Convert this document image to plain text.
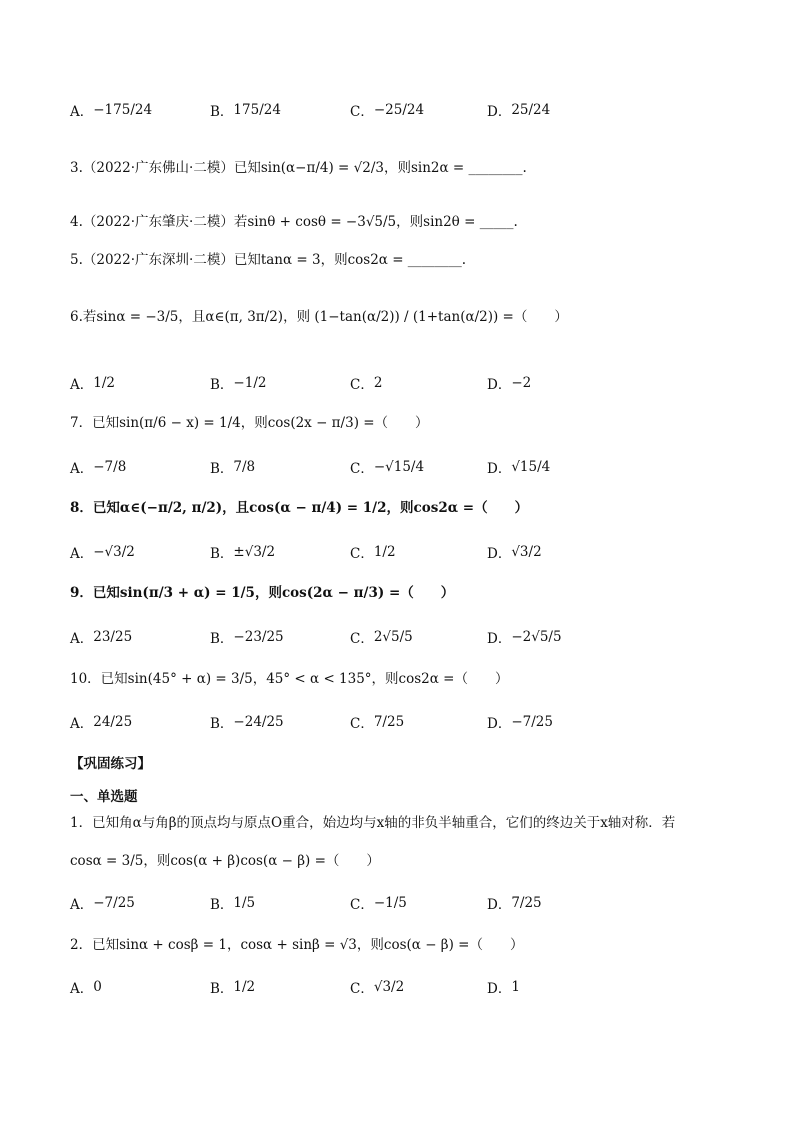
A． −175/24	B． 175/24	C． −25/24	D． 25/24
3.（2022·广东佛山·二模）已知sin(α−π/4) = √2/3，则sin2α = ________.
4.（2022·广东肇庆·二模）若sinθ + cosθ = −3√5/5，则sin2θ = _____.
5.（2022·广东深圳·二模）已知tanα = 3，则cos2α = ________.
6.若sinα = −3/5，且α∈(π, 3π/2)，则 (1−tan(α/2)) / (1+tan(α/2)) =（　　）
A． 1/2	B． −1/2	C． 2	D． −2
7．已知sin(π/6 − x) = 1/4，则cos(2x − π/3) =（　　）
A． −7/8	B． 7/8	C． −√15/4	D． √15/4
8．已知α∈(−π/2, π/2)，且cos(α − π/4) = 1/2，则cos2α =（　　）
A． −√3/2	B． ±√3/2	C． 1/2	D． √3/2
9．已知sin(π/3 + α) = 1/5，则cos(2α − π/3) =（　　）
A． 23/25	B． −23/25	C． 2√5/5	D． −2√5/5
10．已知sin(45° + α) = 3/5，45° < α < 135°，则cos2α =（　　）
A． 24/25	B． −24/25	C． 7/25	D． −7/25
【巩固练习】
一、单选题
1．已知角α与角β的顶点均与原点O重合，始边均与x轴的非负半轴重合，它们的终边关于x轴对称．若
cosα = 3/5，则cos(α + β)cos(α − β) =（　　）
A． −7/25	B． 1/5	C． −1/5	D． 7/25
2．已知sinα + cosβ = 1，cosα + sinβ = √3，则cos(α − β) =（　　）
A． 0	B． 1/2	C． √3/2	D． 1
